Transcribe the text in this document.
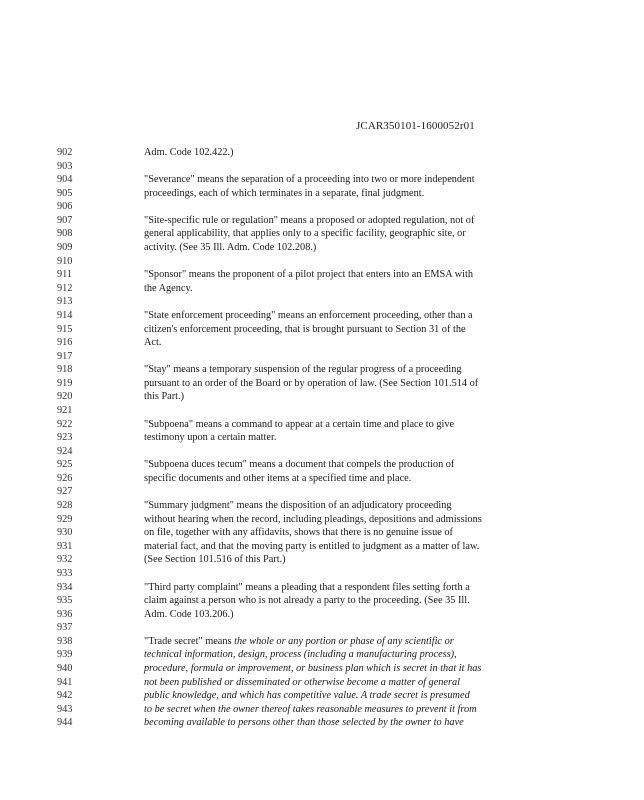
JCAR350101-1600052r01
902	Adm. Code 102.422.)
903
904	"Severance" means the separation of a proceeding into two or more independent
905	proceedings, each of which terminates in a separate, final judgment.
906
907	"Site-specific rule or regulation" means a proposed or adopted regulation, not of
908	general applicability, that applies only to a specific facility, geographic site, or
909	activity. (See 35 Ill. Adm. Code 102.208.)
910
911	"Sponsor" means the proponent of a pilot project that enters into an EMSA with
912	the Agency.
913
914	"State enforcement proceeding" means an enforcement proceeding, other than a
915	citizen's enforcement proceeding, that is brought pursuant to Section 31 of the
916	Act.
917
918	"Stay" means a temporary suspension of the regular progress of a proceeding
919	pursuant to an order of the Board or by operation of law. (See Section 101.514 of
920	this Part.)
921
922	"Subpoena" means a command to appear at a certain time and place to give
923	testimony upon a certain matter.
924
925	"Subpoena duces tecum" means a document that compels the production of
926	specific documents and other items at a specified time and place.
927
928	"Summary judgment" means the disposition of an adjudicatory proceeding
929	without hearing when the record, including pleadings, depositions and admissions
930	on file, together with any affidavits, shows that there is no genuine issue of
931	material fact, and that the moving party is entitled to judgment as a matter of law.
932	(See Section 101.516 of this Part.)
933
934	"Third party complaint" means a pleading that a respondent files setting forth a
935	claim against a person who is not already a party to the proceeding. (See 35 Ill.
936	Adm. Code 103.206.)
937
938	"Trade secret" means the whole or any portion or phase of any scientific or
939	technical information, design, process (including a manufacturing process),
940	procedure, formula or improvement, or business plan which is secret in that it has
941	not been published or disseminated or otherwise become a matter of general
942	public knowledge, and which has competitive value. A trade secret is presumed
943	to be secret when the owner thereof takes reasonable measures to prevent it from
944	becoming available to persons other than those selected by the owner to have
